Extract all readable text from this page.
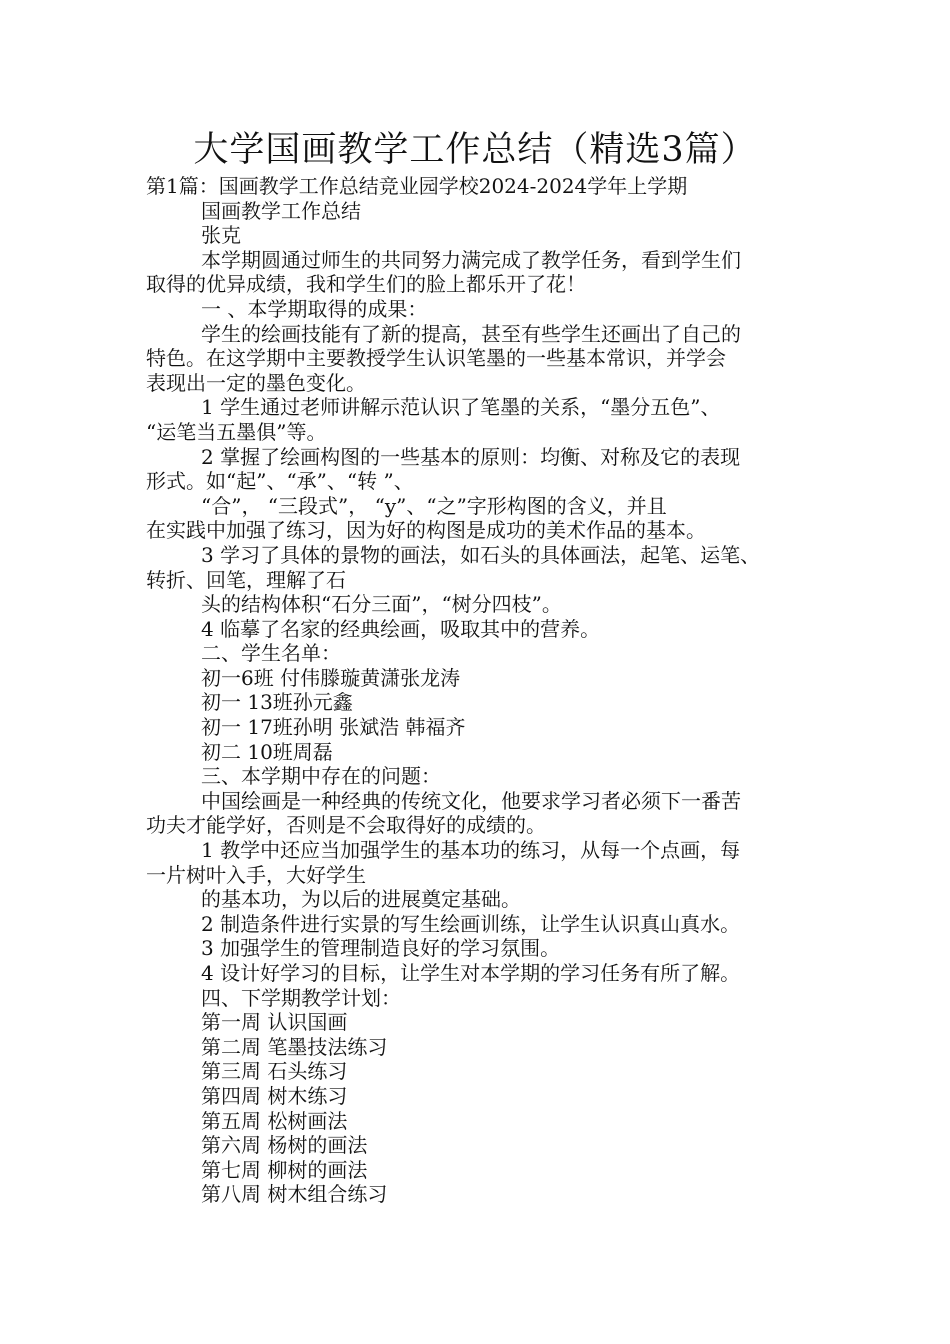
大学国画教学工作总结（精选3篇）
第1篇：国画教学工作总结竞业园学校2024-2024学年上学期
国画教学工作总结
张克
本学期圆通过师生的共同努力满完成了教学任务，看到学生们
取得的优异成绩，我和学生们的脸上都乐开了花！
一 、本学期取得的成果：
学生的绘画技能有了新的提高，甚至有些学生还画出了自己的
特色。在这学期中主要教授学生认识笔墨的一些基本常识，并学会
表现出一定的墨色变化。
1 学生通过老师讲解示范认识了笔墨的关系，“墨分五色”、
“运笔当五墨俱”等。
2 掌握了绘画构图的一些基本的原则：均衡、对称及它的表现
形式。如“起”、“承”、“转 ”、
“合”， “三段式”， “y”、“之”字形构图的含义，并且
在实践中加强了练习，因为好的构图是成功的美术作品的基本。
3 学习了具体的景物的画法，如石头的具体画法，起笔、运笔、
转折、回笔，理解了石
头的结构体积“石分三面”，“树分四枝”。
4 临摹了名家的经典绘画，吸取其中的营养。
二、学生名单：
初一6班 付伟滕璇黄潇张龙涛
初一 13班孙元鑫
初一 17班孙明 张斌浩 韩福齐
初二 10班周磊
三、本学期中存在的问题：
中国绘画是一种经典的传统文化，他要求学习者必须下一番苦
功夫才能学好，否则是不会取得好的成绩的。
1 教学中还应当加强学生的基本功的练习，从每一个点画，每
一片树叶入手，大好学生
的基本功，为以后的进展奠定基础。
2 制造条件进行实景的写生绘画训练，让学生认识真山真水。
3 加强学生的管理制造良好的学习氛围。
4 设计好学习的目标，让学生对本学期的学习任务有所了解。
四、下学期教学计划：
第一周 认识国画
第二周 笔墨技法练习
第三周 石头练习
第四周 树木练习
第五周 松树画法
第六周 杨树的画法
第七周 柳树的画法
第八周 树木组合练习
